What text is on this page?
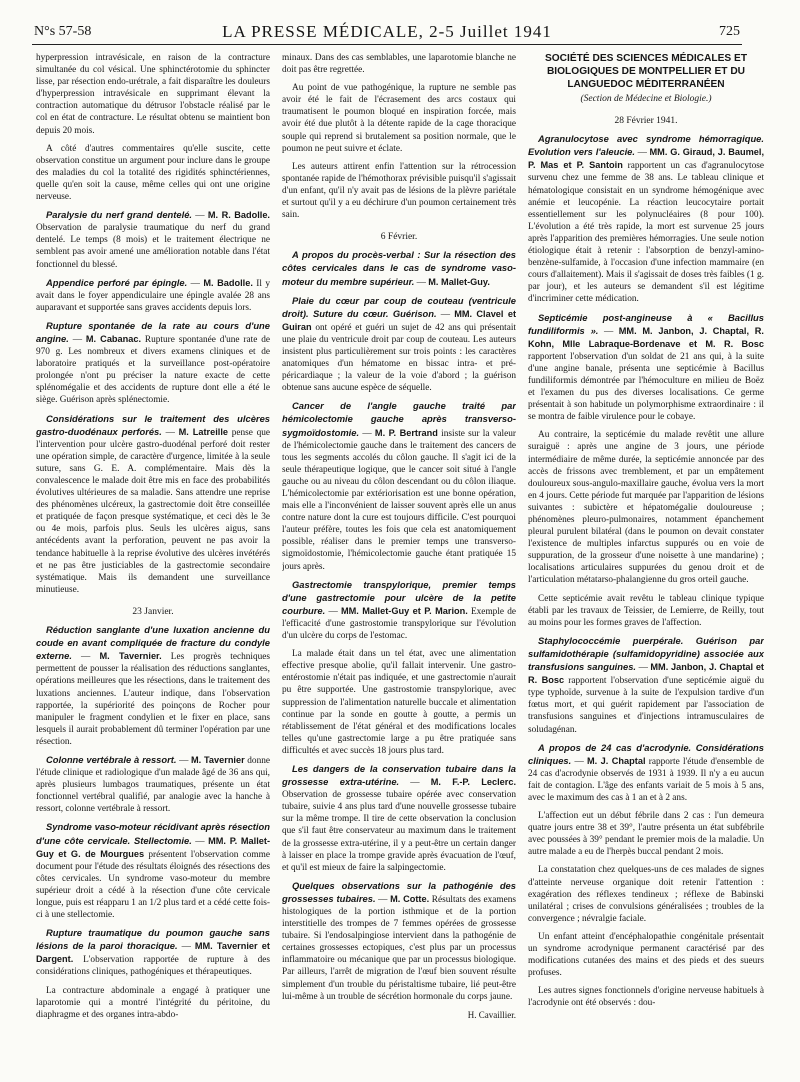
N°s 57-58	LA PRESSE MÉDICALE, 2-5 Juillet 1941	725

hyperpression intravésicale, en raison de la contracture simultanée du col vésical. Une sphinctérotomie du sphincter lisse, par résection endo-urétrale, a fait disparaître les douleurs d'hyperpression intravésicale en supprimant élevant la contraction automatique du détrusor l'obstacle réalisé par le col en état de contracture. Le résultat obtenu se maintient bon depuis 20 mois.

A côté d'autres commentaires qu'elle suscite, cette observation constitue un argument pour inclure dans le groupe des maladies du col la totalité des rigidités sphinctériennes, quelle qu'en soit la cause, même celles qui ont une origine nerveuse.

Paralysie du nerf grand dentelé. — M. R. Badolle. Observation de paralysie traumatique du nerf du grand dentelé. Le temps (8 mois) et le traitement électrique ne semblent pas avoir amené une amélioration notable dans l'état fonctionnel du blessé.

Appendice perforé par épingle. — M. Badolle. Il y avait dans le foyer appendiculaire une épingle avalée 28 ans auparavant et supportée sans graves accidents depuis lors.

Rupture spontanée de la rate au cours d'une angine. — M. Cabanac. Rupture spontanée d'une rate de 970 g. Les nombreux et divers examens cliniques et de laboratoire pratiqués et la surveillance post-opératoire prolongée n'ont pu préciser la nature exacte de cette splénomégalie et des accidents de rupture dont elle a été le siège. Guérison après splénectomie.

Considérations sur le traitement des ulcères gastro-duodénaux perforés. — M. Latreille pense que l'intervention pour ulcère gastro-duodénal perforé doit rester une opération simple, de caractère d'urgence, limitée à la seule suture, sans G. E. A. complémentaire. Mais dès la convalescence le malade doit être mis en face des probabilités évolutives ultérieures de sa maladie. Sans attendre une reprise des phénomènes ulcéreux, la gastrectomie doit être conseillée et pratiquée de façon presque systématique, et ceci dès le 3e ou 4e mois, parfois plus. Seuls les ulcères aigus, sans antécédents avant la perforation, peuvent ne pas avoir la tendance habituelle à la reprise évolutive des ulcères invétérés et ne pas être justiciables de la gastrectomie secondaire systématique. Mais ils demandent une surveillance minutieuse.

23 Janvier.

Réduction sanglante d'une luxation ancienne du coude en avant compliquée de fracture du condyle externe. — M. Tavernier. Les progrès techniques permettent de pousser la réalisation des réductions sanglantes, opérations meilleures que les résections, dans le traitement des luxations anciennes. L'auteur indique, dans l'observation rapportée, la supériorité des poinçons de Rocher pour manipuler le fragment condylien et le fixer en place, sans lesquels il aurait probablement dû terminer l'opération par une résection.

Colonne vertébrale à ressort. — M. Tavernier donne l'étude clinique et radiologique d'un malade âgé de 36 ans qui, après plusieurs lumbagos traumatiques, présente un état fonctionnel vertébral qualifié, par analogie avec la hanche à ressort, colonne vertébrale à ressort.

Syndrome vaso-moteur récidivant après résection d'une côte cervicale. Stellectomie. — MM. P. Mallet-Guy et G. de Mourgues présentent l'observation comme document pour l'étude des résultats éloignés des résections des côtes cervicales. Un syndrome vaso-moteur du membre supérieur droit a cédé à la résection d'une côte cervicale longue, puis est réapparu 1 an 1/2 plus tard et a cédé cette fois-ci à une stellectomie.

Rupture traumatique du poumon gauche sans lésions de la paroi thoracique. — MM. Tavernier et Dargent. L'observation rapportée de rupture à des considérations cliniques, pathogéniques et thérapeutiques.

La contracture abdominale a engagé à pratiquer une laparotomie qui a montré l'intégrité du péritoine, du diaphragme et des organes intra-abdo-

minaux. Dans des cas semblables, une laparotomie blanche ne doit pas être regrettée.

Au point de vue pathogénique, la rupture ne semble pas avoir été le fait de l'écrasement des arcs costaux qui traumatisent le poumon bloqué en inspiration forcée, mais avoir été due plutôt à la détente rapide de la cage thoracique souple qui reprend si brutalement sa position normale, que le poumon ne peut suivre et éclate.

Les auteurs attirent enfin l'attention sur la rétrocession spontanée rapide de l'hémothorax prévisible puisqu'il s'agissait d'un enfant, qu'il n'y avait pas de lésions de la plèvre pariétale et surtout qu'il y a eu déchirure d'un poumon certainement très sain.

6 Février.

A propos du procès-verbal : Sur la résection des côtes cervicales dans le cas de syndrome vaso-moteur du membre supérieur. — M. Mallet-Guy.

Plaie du cœur par coup de couteau (ventricule droit). Suture du cœur. Guérison. — MM. Clavel et Guiran ont opéré et guéri un sujet de 42 ans qui présentait une plaie du ventricule droit par coup de couteau. Les auteurs insistent plus particulièrement sur trois points : les caractères anatomiques d'un hématome en bissac intra- et pré-péricardiaque ; la valeur de la voie d'abord ; la guérison obtenue sans aucune espèce de séquelle.

Cancer de l'angle gauche traité par hémicolectomie gauche après transverso-sygmoïdostomie. — M. P. Bertrand insiste sur la valeur de l'hémicolectomie gauche dans le traitement des cancers de tous les segments accolés du côlon gauche. Il s'agit ici de la seule thérapeutique logique, que le cancer soit situé à l'angle gauche ou au niveau du côlon descendant ou du côlon iliaque. L'hémicolectomie par extériorisation est une bonne opération, mais elle a l'inconvénient de laisser souvent après elle un anus contre nature dont la cure est toujours difficile. C'est pourquoi l'auteur préfère, toutes les fois que cela est anatomiquement possible, réaliser dans le premier temps une transverso-sigmoïdostomie, l'hémicolectomie gauche étant pratiquée 15 jours après.

Gastrectomie transpylorique, premier temps d'une gastrectomie pour ulcère de la petite courbure. — MM. Mallet-Guy et P. Marion. Exemple de l'efficacité d'une gastrostomie transpylorique sur l'évolution d'un ulcère du corps de l'estomac.

La malade était dans un tel état, avec une alimentation effective presque abolie, qu'il fallait intervenir. Une gastro-entérostomie n'était pas indiquée, et une gastrectomie n'aurait pu être supportée. Une gastrostomie transpylorique, avec suppression de l'alimentation naturelle buccale et alimentation continue par la sonde en goutte à goutte, a permis un rétablissement de l'état général et des modifications locales telles qu'une gastrectomie large a pu être pratiquée sans difficultés et avec succès 18 jours plus tard.

Les dangers de la conservation tubaire dans la grossesse extra-utérine. — M. F.-P. Leclerc. Observation de grossesse tubaire opérée avec conservation tubaire, suivie 4 ans plus tard d'une nouvelle grossesse tubaire sur la même trompe. Il tire de cette observation la conclusion que s'il faut être conservateur au maximum dans le traitement de la grossesse extra-utérine, il y a peut-être un certain danger à laisser en place la trompe gravide après évacuation de l'œuf, et qu'il est mieux de faire la salpingectomie.

Quelques observations sur la pathogénie des grossesses tubaires. — M. Cotte. Résultats des examens histologiques de la portion isthmique et de la portion interstitielle des trompes de 7 femmes opérées de grossesse tubaire. Si l'endosalpingiose intervient dans la pathogénie de certaines grossesses ectopiques, c'est plus par un processus inflammatoire ou mécanique que par un processus biologique. Par ailleurs, l'arrêt de migration de l'œuf bien souvent résulte simplement d'un trouble du péristaltisme tubaire, lié peut-être lui-même à un trouble de sécrétion hormonale du corps jaune.

H. Cavaillier.
SOCIÉTÉ DES SCIENCES MÉDICALES ET BIOLOGIQUES DE MONTPELLIER ET DU LANGUEDOC MÉDITERRANÉEN
(Section de Médecine et Biologie.)
28 Février 1941.

Agranulocytose avec syndrome hémorragique. Evolution vers l'aleucie. — MM. G. Giraud, J. Baumel, P. Mas et P. Santoin rapportent un cas d'agranulocytose survenu chez une femme de 38 ans. Le tableau clinique et hématologique consistait en un syndrome hémogénique avec anémie et leucopénie. La réaction leucocytaire portait essentiellement sur les polynucléaires (8 pour 100). L'évolution a été très rapide, la mort est survenue 25 jours après l'apparition des premières hémorragies. Une seule notion étiologique était à retenir : l'absorption de benzyl-amino-benzène-sulfamide, à l'occasion d'une infection mammaire (en cours d'allaitement). Mais il s'agissait de doses très faibles (1 g. par jour), et les auteurs se demandent s'il est légitime d'incriminer cette médication.

Septicémie post-angineuse à « Bacillus fundiliformis ». — MM. M. Janbon, J. Chaptal, R. Kohn, Mlle Labraque-Bordenave et M. R. Bosc rapportent l'observation d'un soldat de 21 ans qui, à la suite d'une angine banale, présenta une septicémie à Bacillus fundiliformis démontrée par l'hémoculture en milieu de Boëz et l'examen du pus des diverses localisations. Ce germe présentait à son habitude un polymorphisme extraordinaire : il se montra de faible virulence pour le cobaye.

Au contraire, la septicémie du malade revêtit une allure suraiguë : après une angine de 3 jours, une période intermédiaire de même durée, la septicémie annoncée par des accès de frissons avec tremblement, et par un empâtement douloureux sous-angulo-maxillaire gauche, évolua vers la mort en 4 jours. Cette période fut marquée par l'apparition de lésions suivantes : subictère et hépatomégalie douloureuse ; phénomènes pleuro-pulmonaires, notamment épanchement pleural purulent bilatéral (dans le poumon on devait constater l'existence de multiples infarctus suppurés ou en voie de suppuration, de la grosseur d'une noisette à une mandarine) ; localisations articulaires suppurées du genou droit et de l'articulation métatarso-phalangienne du gros orteil gauche.

Cette septicémie avait revêtu le tableau clinique typique établi par les travaux de Teissier, de Lemierre, de Reilly, tout au moins pour les formes graves de l'affection.

Staphylococcémie puerpérale. Guérison par sulfamidothérapie (sulfamidopyridine) associée aux transfusions sanguines. — MM. Janbon, J. Chaptal et R. Bosc rapportent l'observation d'une septicémie aiguë du type typhoïde, survenue à la suite de l'expulsion tardive d'un fœtus mort, et qui guérit rapidement par l'association de transfusions sanguines et d'injections intramusculaires de soludagénan.

A propos de 24 cas d'acrodynie. Considérations cliniques. — M. J. Chaptal rapporte l'étude d'ensemble de 24 cas d'acrodynie observés de 1931 à 1939. Il n'y a eu aucun fait de contagion. L'âge des enfants variait de 5 mois à 5 ans, avec le maximum des cas à 1 an et à 2 ans.

L'affection eut un début fébrile dans 2 cas : l'un demeura quatre jours entre 38 et 39°, l'autre présenta un état subfébrile avec poussées à 39° pendant le premier mois de la maladie. Un autre malade a eu de l'herpès buccal pendant 2 mois.

La constatation chez quelques-uns de ces malades de signes d'atteinte nerveuse organique doit retenir l'attention : exagération des réflexes tendineux ; réflexe de Babinski unilatéral ; crises de convulsions généralisées ; troubles de la convergence ; névralgie faciale.

Un enfant atteint d'encéphalopathie congénitale présentait un syndrome acrodynique permanent caractérisé par des modifications cutanées des mains et des pieds et des sueurs profuses.

Les autres signes fonctionnels d'origine nerveuse habituels à l'acrodynie ont été observés : dou-
